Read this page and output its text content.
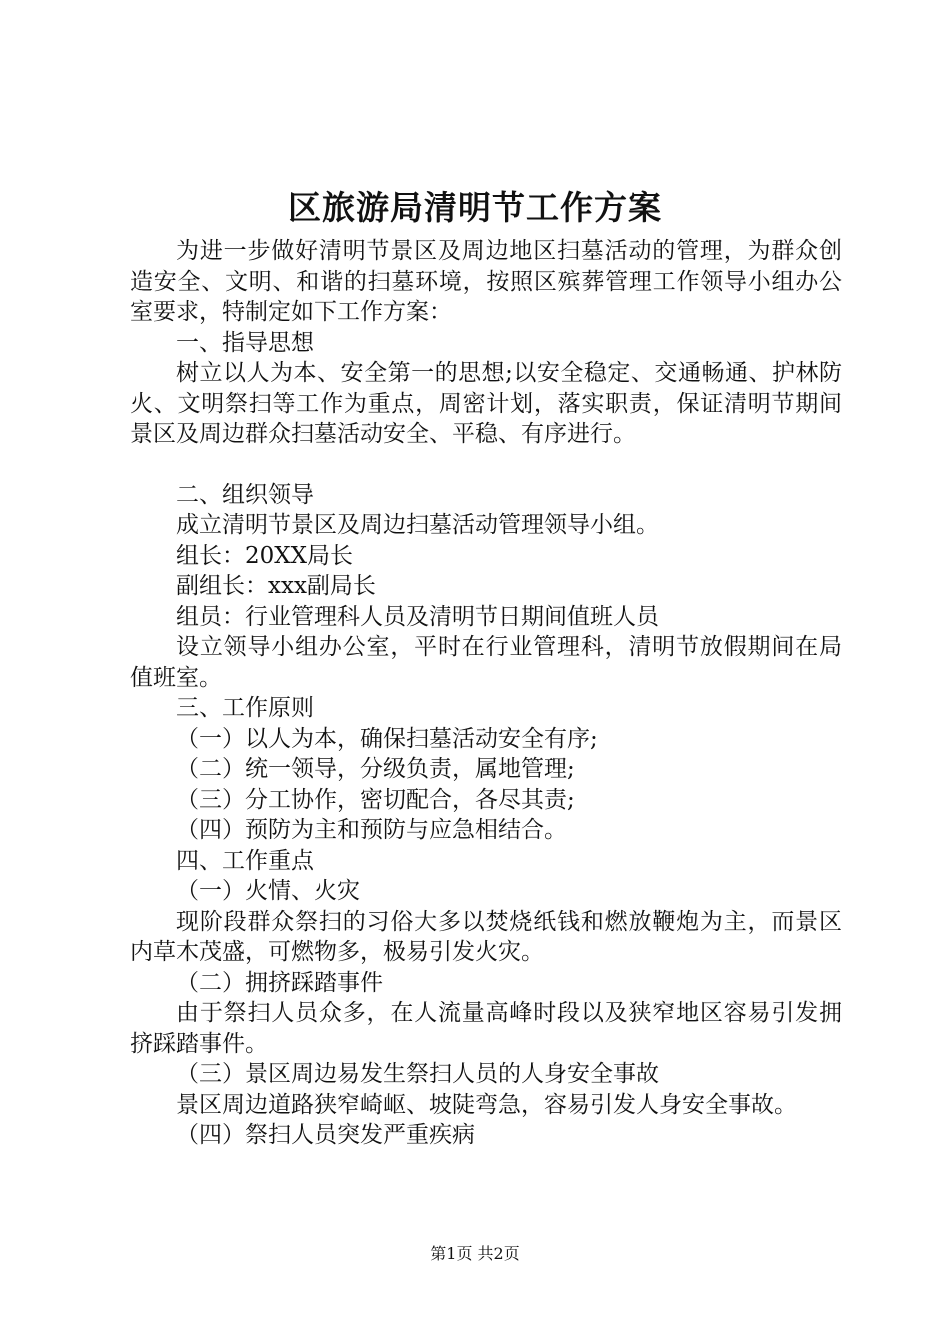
区旅游局清明节工作方案

为进一步做好清明节景区及周边地区扫墓活动的管理，为群众创造安全、文明、和谐的扫墓环境，按照区殡葬管理工作领导小组办公室要求，特制定如下工作方案：

一、指导思想

树立以人为本、安全第一的思想;以安全稳定、交通畅通、护林防火、文明祭扫等工作为重点，周密计划，落实职责，保证清明节期间景区及周边群众扫墓活动安全、平稳、有序进行。

二、组织领导

成立清明节景区及周边扫墓活动管理领导小组。

组长：20XX局长

副组长：xxx副局长

组员：行业管理科人员及清明节日期间值班人员

设立领导小组办公室，平时在行业管理科，清明节放假期间在局值班室。

三、工作原则

（一）以人为本，确保扫墓活动安全有序;

（二）统一领导，分级负责，属地管理;

（三）分工协作，密切配合，各尽其责;

（四）预防为主和预防与应急相结合。

四、工作重点

（一）火情、火灾

现阶段群众祭扫的习俗大多以焚烧纸钱和燃放鞭炮为主，而景区内草木茂盛，可燃物多，极易引发火灾。

（二）拥挤踩踏事件

由于祭扫人员众多，在人流量高峰时段以及狭窄地区容易引发拥挤踩踏事件。

（三）景区周边易发生祭扫人员的人身安全事故

景区周边道路狭窄崎岖、坡陡弯急，容易引发人身安全事故。

（四）祭扫人员突发严重疾病

第1页 共2页
